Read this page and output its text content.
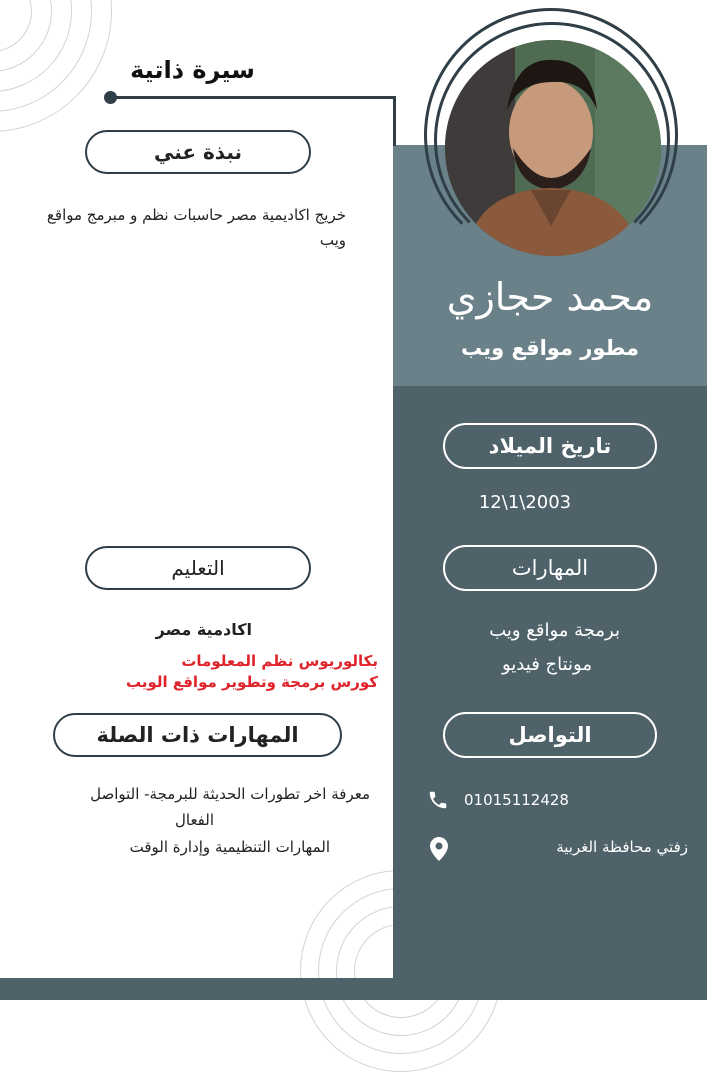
سيرة ذاتية
محمد حجازي
مطور مواقع ويب
تاريخ الميلاد
12\1\2003
المهارات
برمجة مواقع ويب
مونتاج فيديو
التواصل
01015112428
زفتي محافظة الغربية
نبذة عني
خريج اكاديمية مصر حاسبات نظم و مبرمج مواقع ويب
التعليم
اكادمية مصر
بكالوريوس نظم المعلومات
كورس برمجة وتطوير مواقع الويب
المهارات ذات الصلة
معرفة اخر تطورات الحديثة للبرمجة- التواصل
الفعال
المهارات التنظيمية وإدارة الوقت
